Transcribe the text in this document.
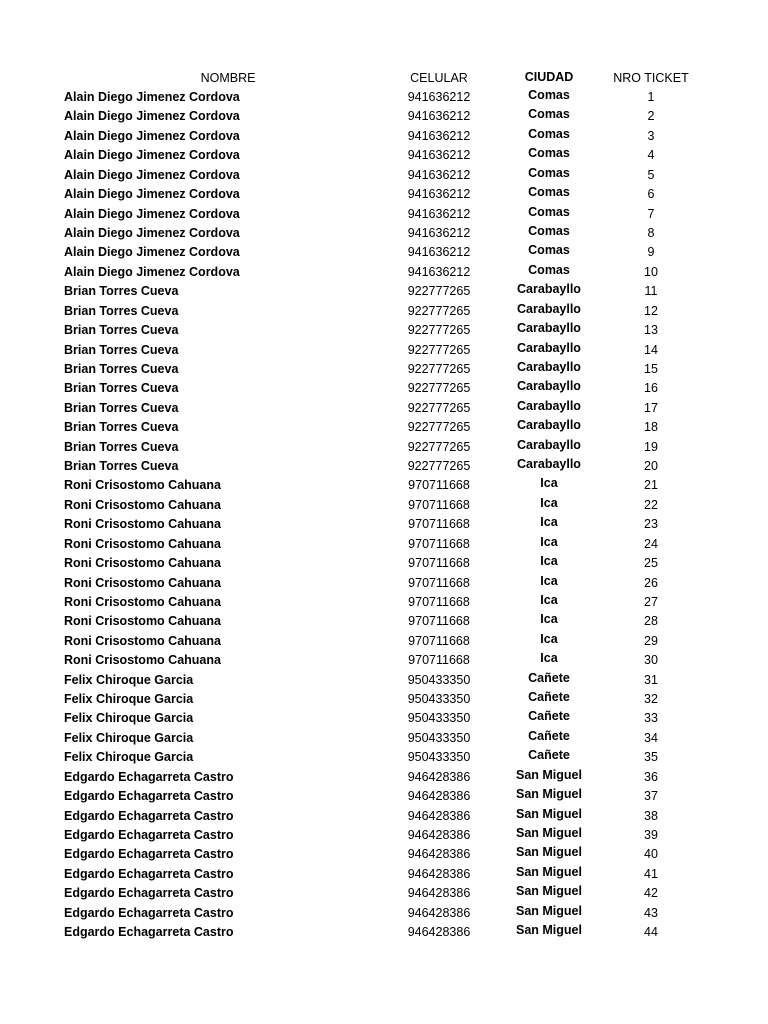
NOMBRE	CELULAR	CIUDAD	NRO TICKET
Alain Diego Jimenez Cordova	941636212	Comas	1
Alain Diego Jimenez Cordova	941636212	Comas	2
Alain Diego Jimenez Cordova	941636212	Comas	3
Alain Diego Jimenez Cordova	941636212	Comas	4
Alain Diego Jimenez Cordova	941636212	Comas	5
Alain Diego Jimenez Cordova	941636212	Comas	6
Alain Diego Jimenez Cordova	941636212	Comas	7
Alain Diego Jimenez Cordova	941636212	Comas	8
Alain Diego Jimenez Cordova	941636212	Comas	9
Alain Diego Jimenez Cordova	941636212	Comas	10
Brian Torres Cueva	922777265	Carabayllo	11
Brian Torres Cueva	922777265	Carabayllo	12
Brian Torres Cueva	922777265	Carabayllo	13
Brian Torres Cueva	922777265	Carabayllo	14
Brian Torres Cueva	922777265	Carabayllo	15
Brian Torres Cueva	922777265	Carabayllo	16
Brian Torres Cueva	922777265	Carabayllo	17
Brian Torres Cueva	922777265	Carabayllo	18
Brian Torres Cueva	922777265	Carabayllo	19
Brian Torres Cueva	922777265	Carabayllo	20
Roni Crisostomo Cahuana	970711668	Ica	21
Roni Crisostomo Cahuana	970711668	Ica	22
Roni Crisostomo Cahuana	970711668	Ica	23
Roni Crisostomo Cahuana	970711668	Ica	24
Roni Crisostomo Cahuana	970711668	Ica	25
Roni Crisostomo Cahuana	970711668	Ica	26
Roni Crisostomo Cahuana	970711668	Ica	27
Roni Crisostomo Cahuana	970711668	Ica	28
Roni Crisostomo Cahuana	970711668	Ica	29
Roni Crisostomo Cahuana	970711668	Ica	30
Felix Chiroque Garcia	950433350	Cañete	31
Felix Chiroque Garcia	950433350	Cañete	32
Felix Chiroque Garcia	950433350	Cañete	33
Felix Chiroque Garcia	950433350	Cañete	34
Felix Chiroque Garcia	950433350	Cañete	35
Edgardo Echagarreta Castro	946428386	San Miguel	36
Edgardo Echagarreta Castro	946428386	San Miguel	37
Edgardo Echagarreta Castro	946428386	San Miguel	38
Edgardo Echagarreta Castro	946428386	San Miguel	39
Edgardo Echagarreta Castro	946428386	San Miguel	40
Edgardo Echagarreta Castro	946428386	San Miguel	41
Edgardo Echagarreta Castro	946428386	San Miguel	42
Edgardo Echagarreta Castro	946428386	San Miguel	43
Edgardo Echagarreta Castro	946428386	San Miguel	44
